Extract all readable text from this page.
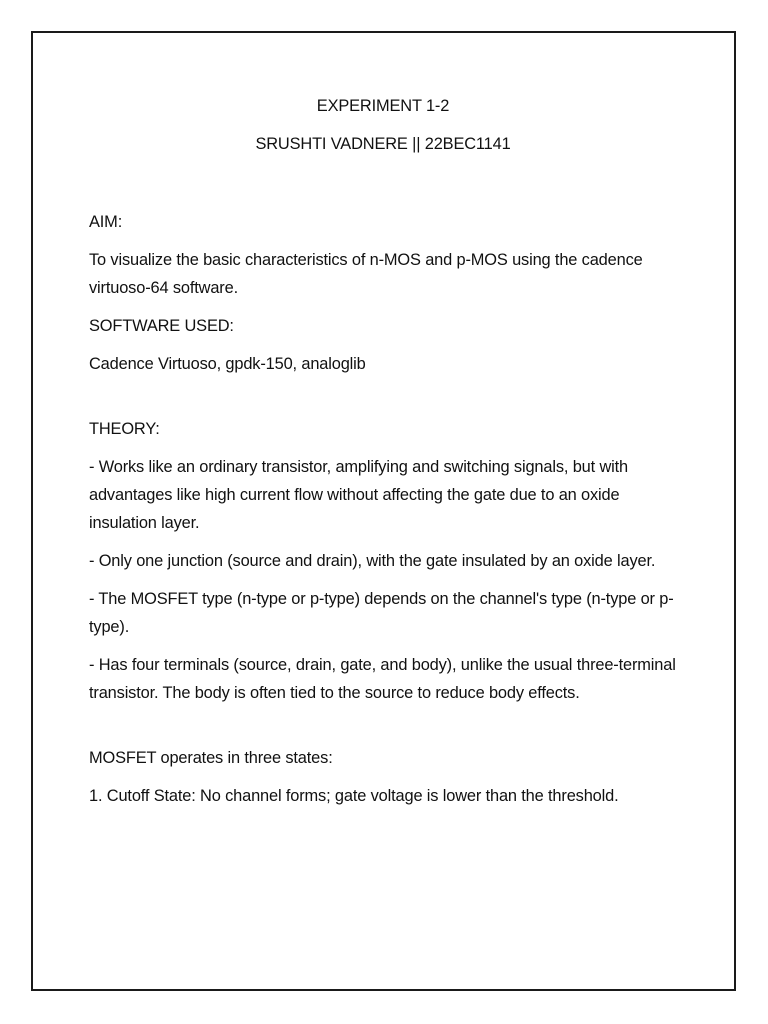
EXPERIMENT 1-2
SRUSHTI VADNERE || 22BEC1141
AIM:

To visualize the basic characteristics of n-MOS and p-MOS using the cadence virtuoso-64 software.

SOFTWARE USED:

Cadence Virtuoso, gpdk-150, analoglib

THEORY:

- Works like an ordinary transistor, amplifying and switching signals, but with advantages like high current flow without affecting the gate due to an oxide insulation layer.

- Only one junction (source and drain), with the gate insulated by an oxide layer.

- The MOSFET type (n-type or p-type) depends on the channel's type (n-type or p-type).

- Has four terminals (source, drain, gate, and body), unlike the usual three-terminal transistor. The body is often tied to the source to reduce body effects.

MOSFET operates in three states:

1. Cutoff State: No channel forms; gate voltage is lower than the threshold.
